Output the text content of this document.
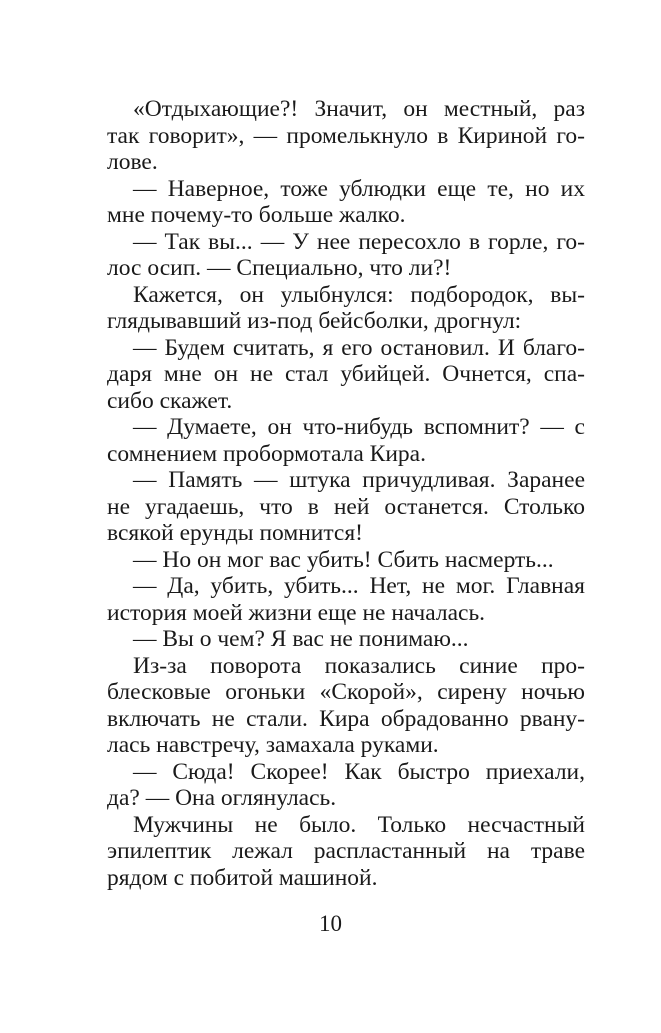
«Отдыхающие?! Значит, он местный, раз
так говорит», — промелькнуло в Кириной го-
лове.
— Наверное, тоже ублюдки еще те, но их
мне почему-то больше жалко.
— Так вы... — У нее пересохло в горле, го-
лос осип. — Специально, что ли?!
Кажется, он улыбнулся: подбородок, вы-
глядывавший из-под бейсболки, дрогнул:
— Будем считать, я его остановил. И благо-
даря мне он не стал убийцей. Очнется, спа-
сибо скажет.
— Думаете, он что-нибудь вспомнит? — с
сомнением пробормотала Кира.
— Память — штука причудливая. Заранее
не угадаешь, что в ней останется. Столько
всякой ерунды помнится!
— Но он мог вас убить! Сбить насмерть...
— Да, убить, убить... Нет, не мог. Главная
история моей жизни еще не началась.
— Вы о чем? Я вас не понимаю...
Из-за поворота показались синие про-
блесковые огоньки «Скорой», сирену ночью
включать не стали. Кира обрадованно рвану-
лась навстречу, замахала руками.
— Сюда! Скорее! Как быстро приехали,
да? — Она оглянулась.
Мужчины не было. Только несчастный
эпилептик лежал распластанный на траве
рядом с побитой машиной.
10
